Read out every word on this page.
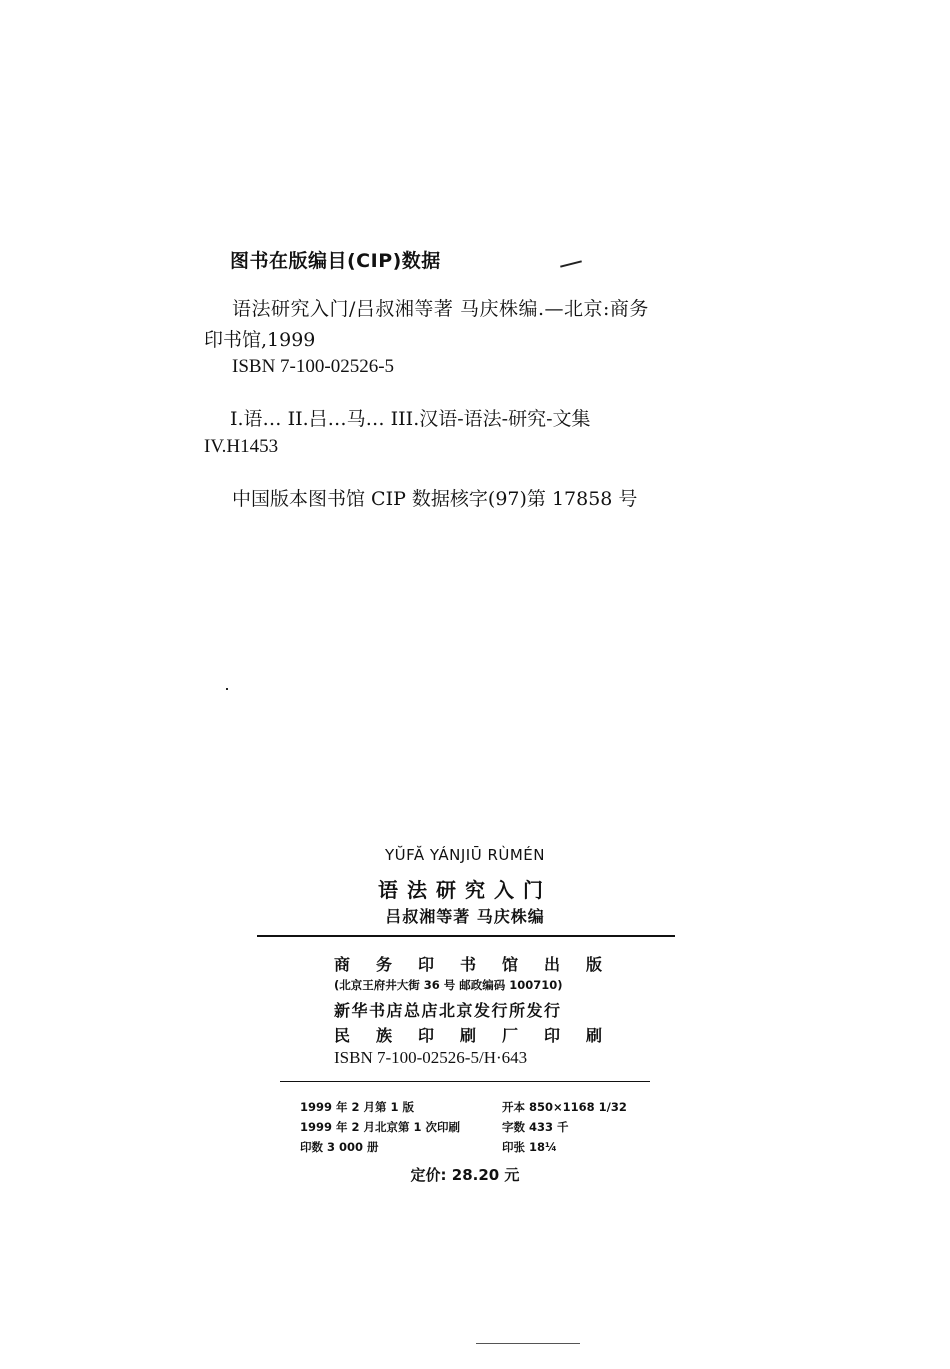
图书在版编目(CIP)数据
语法研究入门/吕叔湘等著 马庆株编.—北京:商务
印书馆,1999
ISBN 7-100-02526-5
I.语… II.吕…马… III.汉语-语法-研究-文集
IV.H1453
中国版本图书馆 CIP 数据核字(97)第 17858 号
YŬFĂ YÁNJIŪ RÙMÉN
语法研究入门
吕叔湘等著 马庆株编
商务印书馆出版
(北京王府井大街 36 号 邮政编码 100710)
新华书店总店北京发行所发行
民族印刷厂印刷
ISBN 7-100-02526-5/H·643
1999 年 2 月第 1 版
1999 年 2 月北京第 1 次印刷
印数 3 000 册
开本 850×1168 1/32
字数 433 千
印张 18¼
定价: 28.20 元
